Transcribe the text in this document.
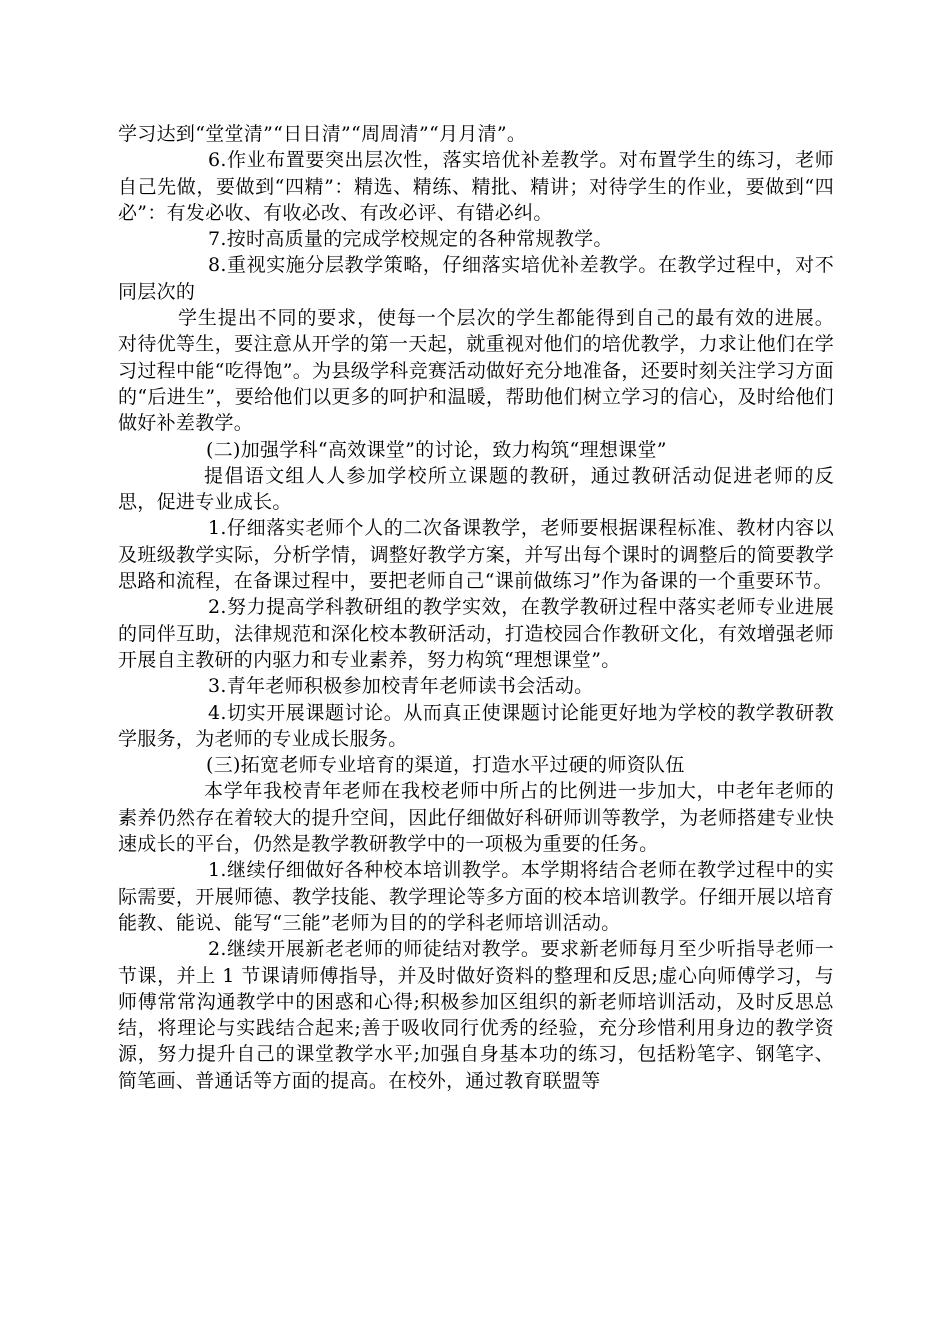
学习达到“堂堂清”“日日清”“周周清”“月月清”。

6.作业布置要突出层次性，落实培优补差教学。对布置学生的练习，老师自己先做，要做到“四精”：精选、精练、精批、精讲；对待学生的作业，要做到“四必”：有发必收、有收必改、有改必评、有错必纠。

7.按时高质量的完成学校规定的各种常规教学。

8.重视实施分层教学策略，仔细落实培优补差教学。在教学过程中，对不同层次的

学生提出不同的要求，使每一个层次的学生都能得到自己的最有效的进展。对待优等生，要注意从开学的第一天起，就重视对他们的培优教学，力求让他们在学习过程中能“吃得饱”。为县级学科竞赛活动做好充分地准备，还要时刻关注学习方面的“后进生”，要给他们以更多的呵护和温暖，帮助他们树立学习的信心，及时给他们做好补差教学。

(二)加强学科“高效课堂”的讨论，致力构筑“理想课堂”

提倡语文组人人参加学校所立课题的教研，通过教研活动促进老师的反思，促进专业成长。

1.仔细落实老师个人的二次备课教学，老师要根据课程标准、教材内容以及班级教学实际，分析学情，调整好教学方案，并写出每个课时的调整后的简要教学思路和流程，在备课过程中，要把老师自己“课前做练习”作为备课的一个重要环节。

2.努力提高学科教研组的教学实效，在教学教研过程中落实老师专业进展的同伴互助，法律规范和深化校本教研活动，打造校园合作教研文化，有效增强老师开展自主教研的内驱力和专业素养，努力构筑“理想课堂”。

3.青年老师积极参加校青年老师读书会活动。

4.切实开展课题讨论。从而真正使课题讨论能更好地为学校的教学教研教学服务，为老师的专业成长服务。

(三)拓宽老师专业培育的渠道，打造水平过硬的师资队伍

本学年我校青年老师在我校老师中所占的比例进一步加大，中老年老师的素养仍然存在着较大的提升空间，因此仔细做好科研师训等教学，为老师搭建专业快速成长的平台，仍然是教学教研教学中的一项极为重要的任务。

1.继续仔细做好各种校本培训教学。本学期将结合老师在教学过程中的实际需要，开展师德、教学技能、教学理论等多方面的校本培训教学。仔细开展以培育能教、能说、能写“三能”老师为目的的学科老师培训活动。

2.继续开展新老老师的师徒结对教学。要求新老师每月至少听指导老师一节课，并上 1 节课请师傅指导，并及时做好资料的整理和反思;虚心向师傅学习，与师傅常常沟通教学中的困惑和心得;积极参加区组织的新老师培训活动，及时反思总结，将理论与实践结合起来;善于吸收同行优秀的经验，充分珍惜利用身边的教学资源，努力提升自己的课堂教学水平;加强自身基本功的练习，包括粉笔字、钢笔字、简笔画、普通话等方面的提高。在校外，通过教育联盟等
